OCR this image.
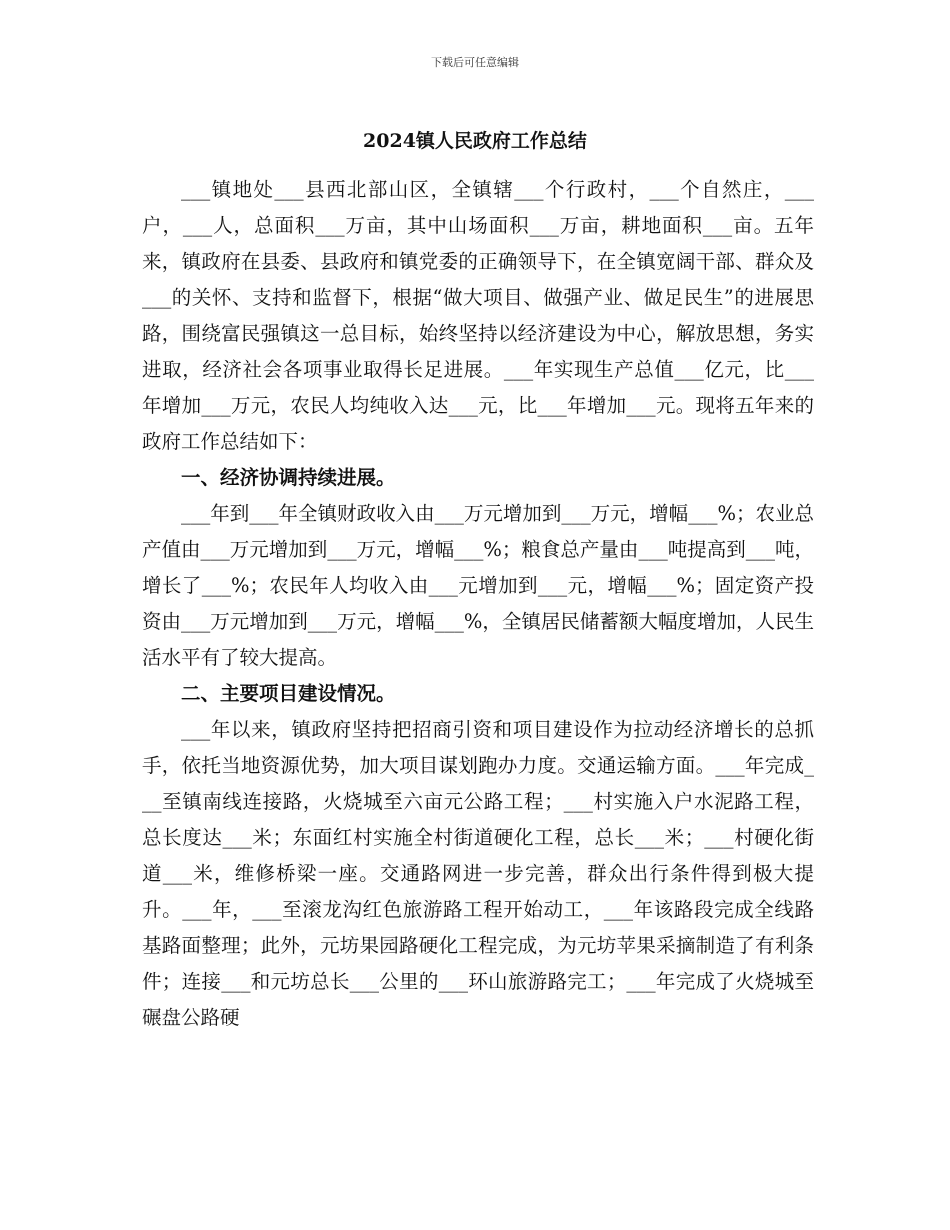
下载后可任意编辑
2024镇人民政府工作总结

___镇地处___县西北部山区，全镇辖___个行政村，___个自然庄，___户，___人，总面积___万亩，其中山场面积___万亩，耕地面积___亩。五年来，镇政府在县委、县政府和镇党委的正确领导下，在全镇宽阔干部、群众及___的关怀、支持和监督下，根据“做大项目、做强产业、做足民生”的进展思路，围绕富民强镇这一总目标，始终坚持以经济建设为中心，解放思想，务实进取，经济社会各项事业取得长足进展。___年实现生产总值___亿元，比___年增加___万元，农民人均纯收入达___元，比___年增加___元。现将五年来的政府工作总结如下：

一、经济协调持续进展。

___年到___年全镇财政收入由___万元增加到___万元，增幅___%；农业总产值由___万元增加到___万元，增幅___%；粮食总产量由___吨提高到___吨，增长了___%；农民年人均收入由___元增加到___元，增幅___%；固定资产投资由___万元增加到___万元，增幅___%，全镇居民储蓄额大幅度增加，人民生活水平有了较大提高。

二、主要项目建设情况。

___年以来，镇政府坚持把招商引资和项目建设作为拉动经济增长的总抓手，依托当地资源优势，加大项目谋划跑办力度。交通运输方面。___年完成___至镇南线连接路，火烧城至六亩元公路工程；___村实施入户水泥路工程，总长度达___米；东面红村实施全村街道硬化工程，总长___米；___村硬化街道___米，维修桥梁一座。交通路网进一步完善，群众出行条件得到极大提升。___年，___至滚龙沟红色旅游路工程开始动工，___年该路段完成全线路基路面整理；此外，元坊果园路硬化工程完成，为元坊苹果采摘制造了有利条件；连接___和元坊总长___公里的___环山旅游路完工；___年完成了火烧城至碾盘公路硬
